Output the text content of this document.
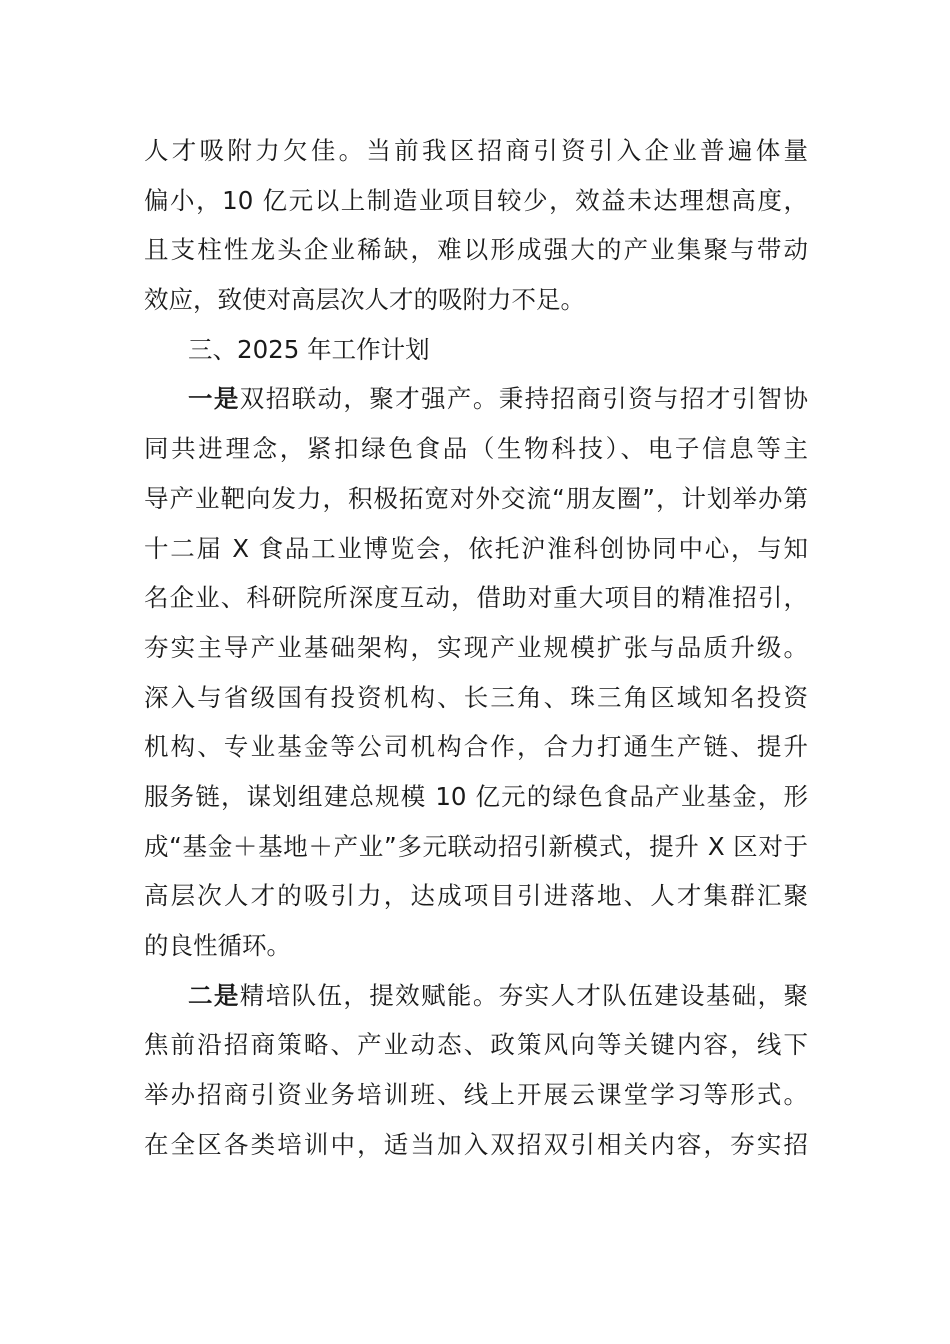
人才吸附力欠佳。当前我区招商引资引入企业普遍体量
偏小，10 亿元以上制造业项目较少，效益未达理想高度，
且支柱性龙头企业稀缺，难以形成强大的产业集聚与带动
效应，致使对高层次人才的吸附力不足。
三、2025 年工作计划
一是双招联动，聚才强产。秉持招商引资与招才引智协
同共进理念，紧扣绿色食品（生物科技）、电子信息等主
导产业靶向发力，积极拓宽对外交流“朋友圈”，计划举办第
十二届 X 食品工业博览会，依托沪淮科创协同中心，与知
名企业、科研院所深度互动，借助对重大项目的精准招引，
夯实主导产业基础架构，实现产业规模扩张与品质升级。
深入与省级国有投资机构、长三角、珠三角区域知名投资
机构、专业基金等公司机构合作，合力打通生产链、提升
服务链，谋划组建总规模 10 亿元的绿色食品产业基金，形
成“基金＋基地＋产业”多元联动招引新模式，提升 X 区对于
高层次人才的吸引力，达成项目引进落地、人才集群汇聚
的良性循环。
二是精培队伍，提效赋能。夯实人才队伍建设基础，聚
焦前沿招商策略、产业动态、政策风向等关键内容，线下
举办招商引资业务培训班、线上开展云课堂学习等形式。
在全区各类培训中，适当加入双招双引相关内容，夯实招
